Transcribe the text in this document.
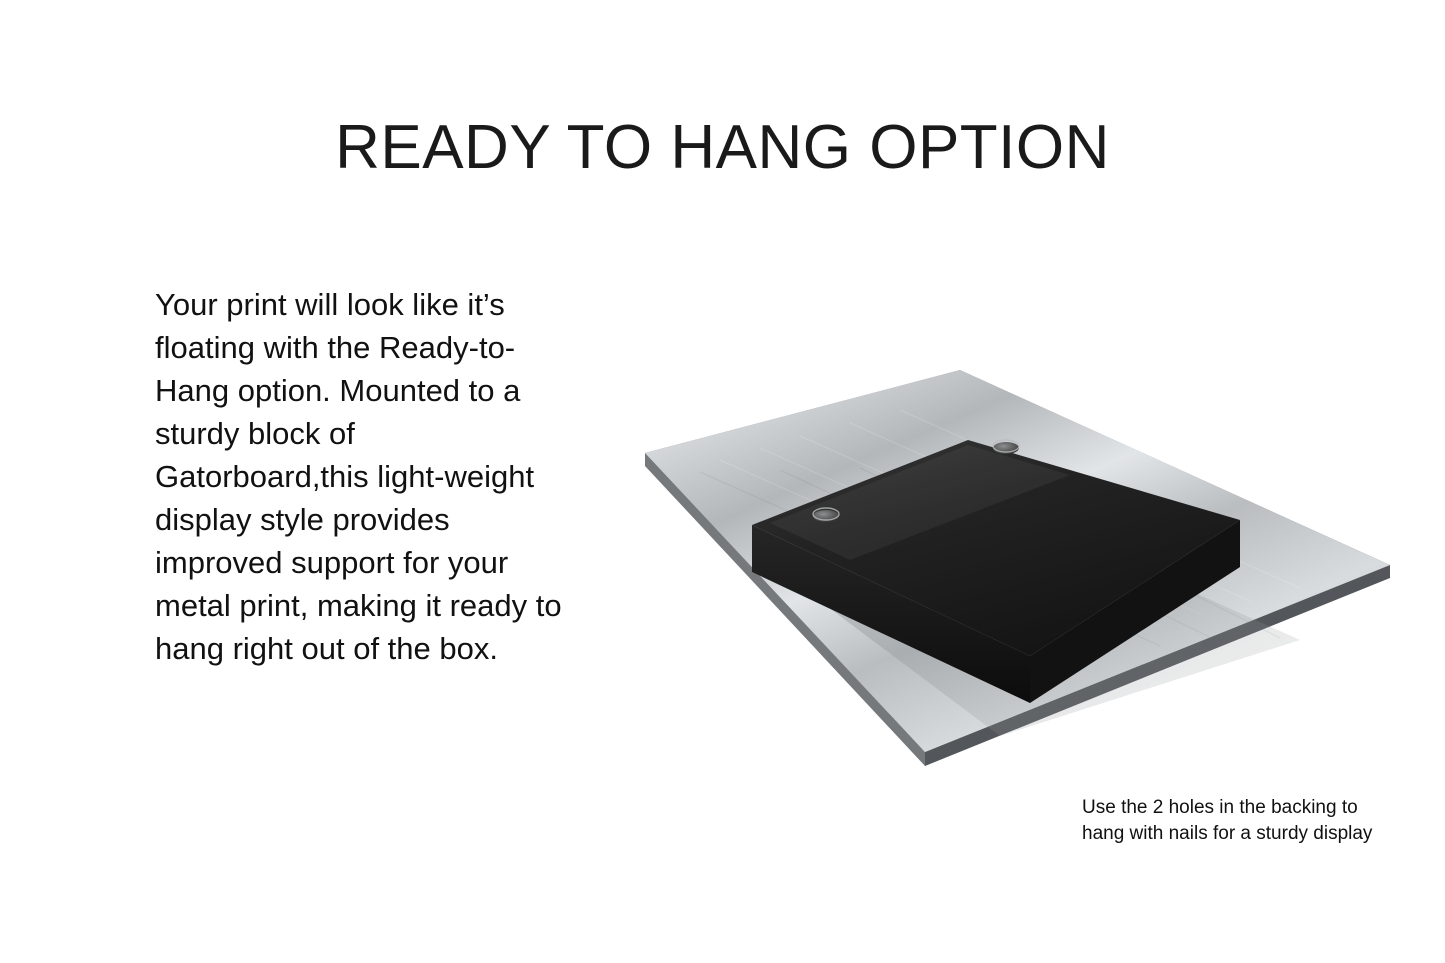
READY TO HANG OPTION

Your print will look like it’s floating with the Ready-to-Hang option. Mounted to a sturdy block of Gatorboard,this light-weight display style provides improved support for your metal print, making it ready to hang right out of the box.

Use the 2 holes in the backing to hang with nails for a sturdy display
